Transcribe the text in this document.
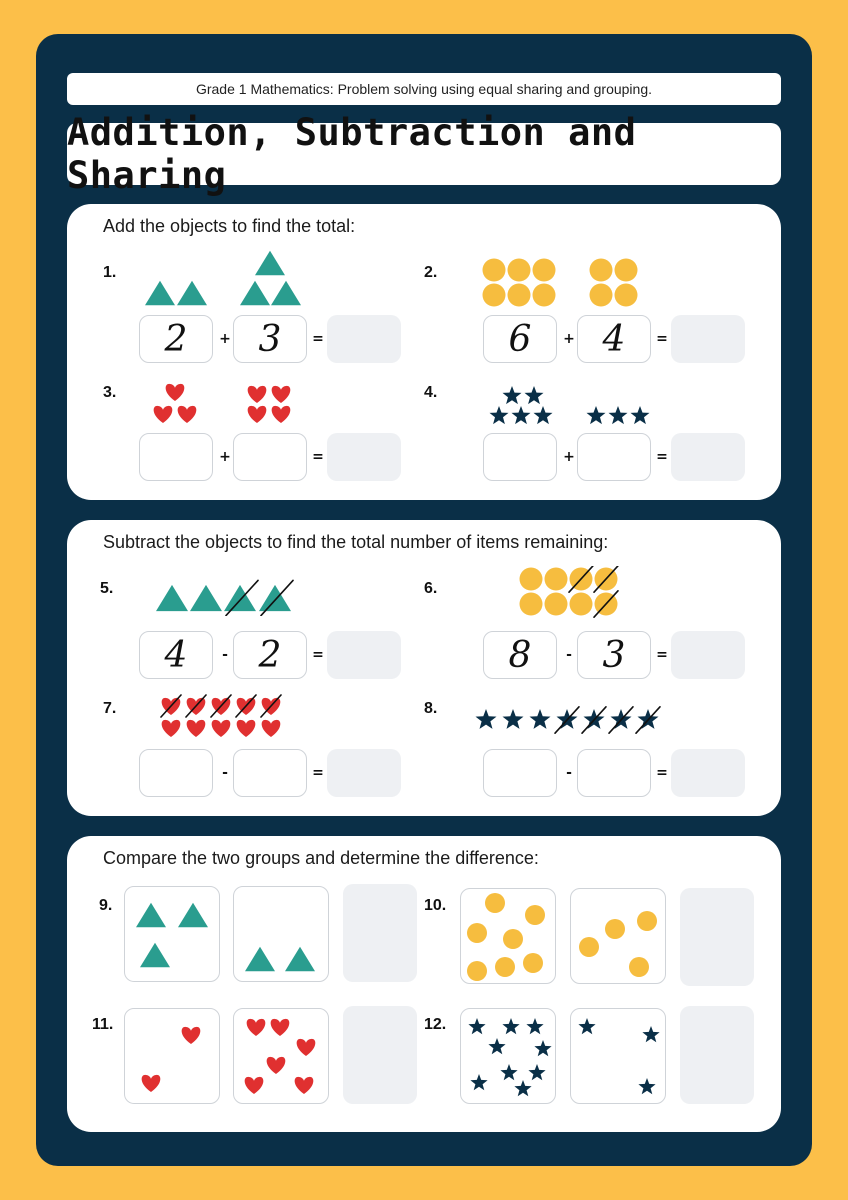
Grade 1 Mathematics: Problem solving using equal sharing and grouping.
Addition, Subtraction and Sharing
Add the objects to find the total:
1.
2	+ 3	=
2.
6	+ 4	=
3.
+	=
4.
+	=
Subtract the objects to find the total number of items remaining:
5.
4	- 2	=
6.
8	- 3	=
7.
-	=
8.
-	=
Compare the two groups and determine the difference:
9.	10.
11.	12.
